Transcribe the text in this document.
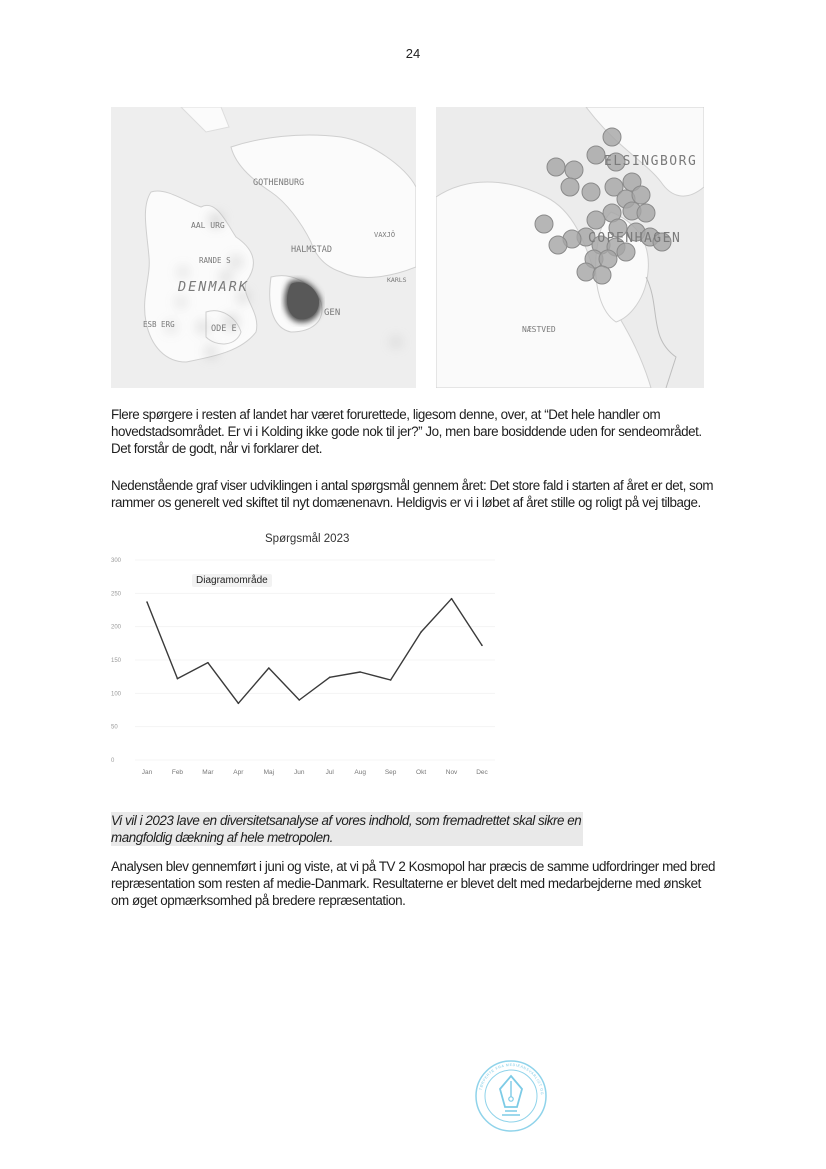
24
GOTHENBURG
AAL URG
VAXJÖ
HALMSTAD
RANDE S
DENMARK	KARLS
GEN
ESB ERG	ODE E
ELSINGBORG
COPENHAGEN
NÆSTVED

Flere spørgere i resten af landet har været forurettede, ligesom denne, over, at “Det hele handler om hovedstadsområdet. Er vi i Kolding ikke gode nok til jer?” Jo, men bare bosiddende uden for sendeområdet. Det forstår de godt, når vi forklarer det.

Nedenstående graf viser udviklingen i antal spørgsmål gennem året: Det store fald i starten af året er det, som rammer os generelt ved skiftet til nyt domænenavn. Heldigvis er vi i løbet af året stille og roligt på vej tilbage.

Spørgsmål 2023
Diagramområde
300
250
200
150
100
50
0
Jan	Feb	Mar	Apr	Maj	Jun	Jul	Aug	Sep	Okt	Nov	Dec

Vi vil i 2023 lave en diversitetsanalyse af vores indhold, som fremadrettet skal sikre en
mangfoldig dækning af hele metropolen.

Analysen blev gennemført i juni og viste, at vi på TV 2 Kosmopol har præcis de samme udfordringer med bred repræsentation som resten af medie-Danmark. Resultaterne er blevet delt med medarbejderne med ønsket om øget opmærksomhed på bredere repræsentation.

TØRPERTE FRA MEDIEANSVARLIGT OG
